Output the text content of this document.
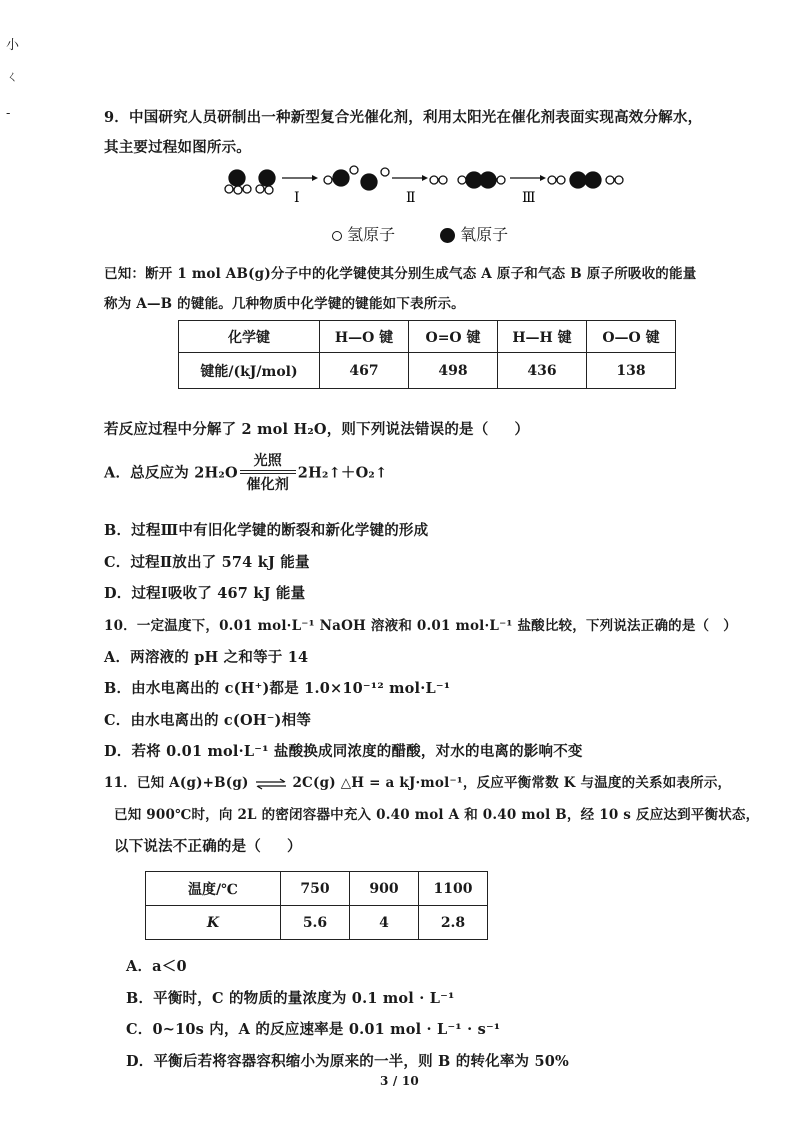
小
ㄑ
-	9．中国研究人员研制出一种新型复合光催化剂，利用太阳光在催化剂表面实现高效分解水，
其主要过程如图所示。
Ⅰ	Ⅱ	Ⅲ
氢原子	氧原子
已知：断开 1 mol AB(g)分子中的化学键使其分别生成气态 A 原子和气态 B 原子所吸收的能量
称为 A—B 的键能。几种物质中化学键的键能如下表所示。
化学键	H—O 键	O=O 键	H—H 键	O—O 键
键能/(kJ/mol)	467	498	436	138
若反应过程中分解了 2 mol H₂O，则下列说法错误的是（ ）
A．总反应为 2H₂O
光照
催化剂
2H₂↑＋O₂↑
B．过程Ⅲ中有旧化学键的断裂和新化学键的形成
C．过程Ⅱ放出了 574 kJ 能量
D．过程Ⅰ吸收了 467 kJ 能量
10．一定温度下，0.01 mol·L⁻¹ NaOH 溶液和 0.01 mol·L⁻¹ 盐酸比较，下列说法正确的是（ ）
A．两溶液的 pH 之和等于 14
B．由水电离出的 c(H⁺)都是 1.0×10⁻¹² mol·L⁻¹
C．由水电离出的 c(OH⁻)相等
D．若将 0.01 mol·L⁻¹ 盐酸换成同浓度的醋酸，对水的电离的影响不变
11．已知 A(g)+B(g) ⇌ 2C(g) △H = a kJ·mol⁻¹，反应平衡常数 K 与温度的关系如表所示，
已知 900℃时，向 2L 的密闭容器中充入 0.40 mol A 和 0.40 mol B，经 10 s 反应达到平衡状态，
以下说法不正确的是（ ）
温度/℃	750	900	1100
K	5.6	4	2.8
A．a＜0
B．平衡时，C 的物质的量浓度为 0.1 mol · L⁻¹
C．0~10s 内，A 的反应速率是 0.01 mol · L⁻¹ · s⁻¹
D．平衡后若将容器容积缩小为原来的一半，则 B 的转化率为 50%
3 / 10
